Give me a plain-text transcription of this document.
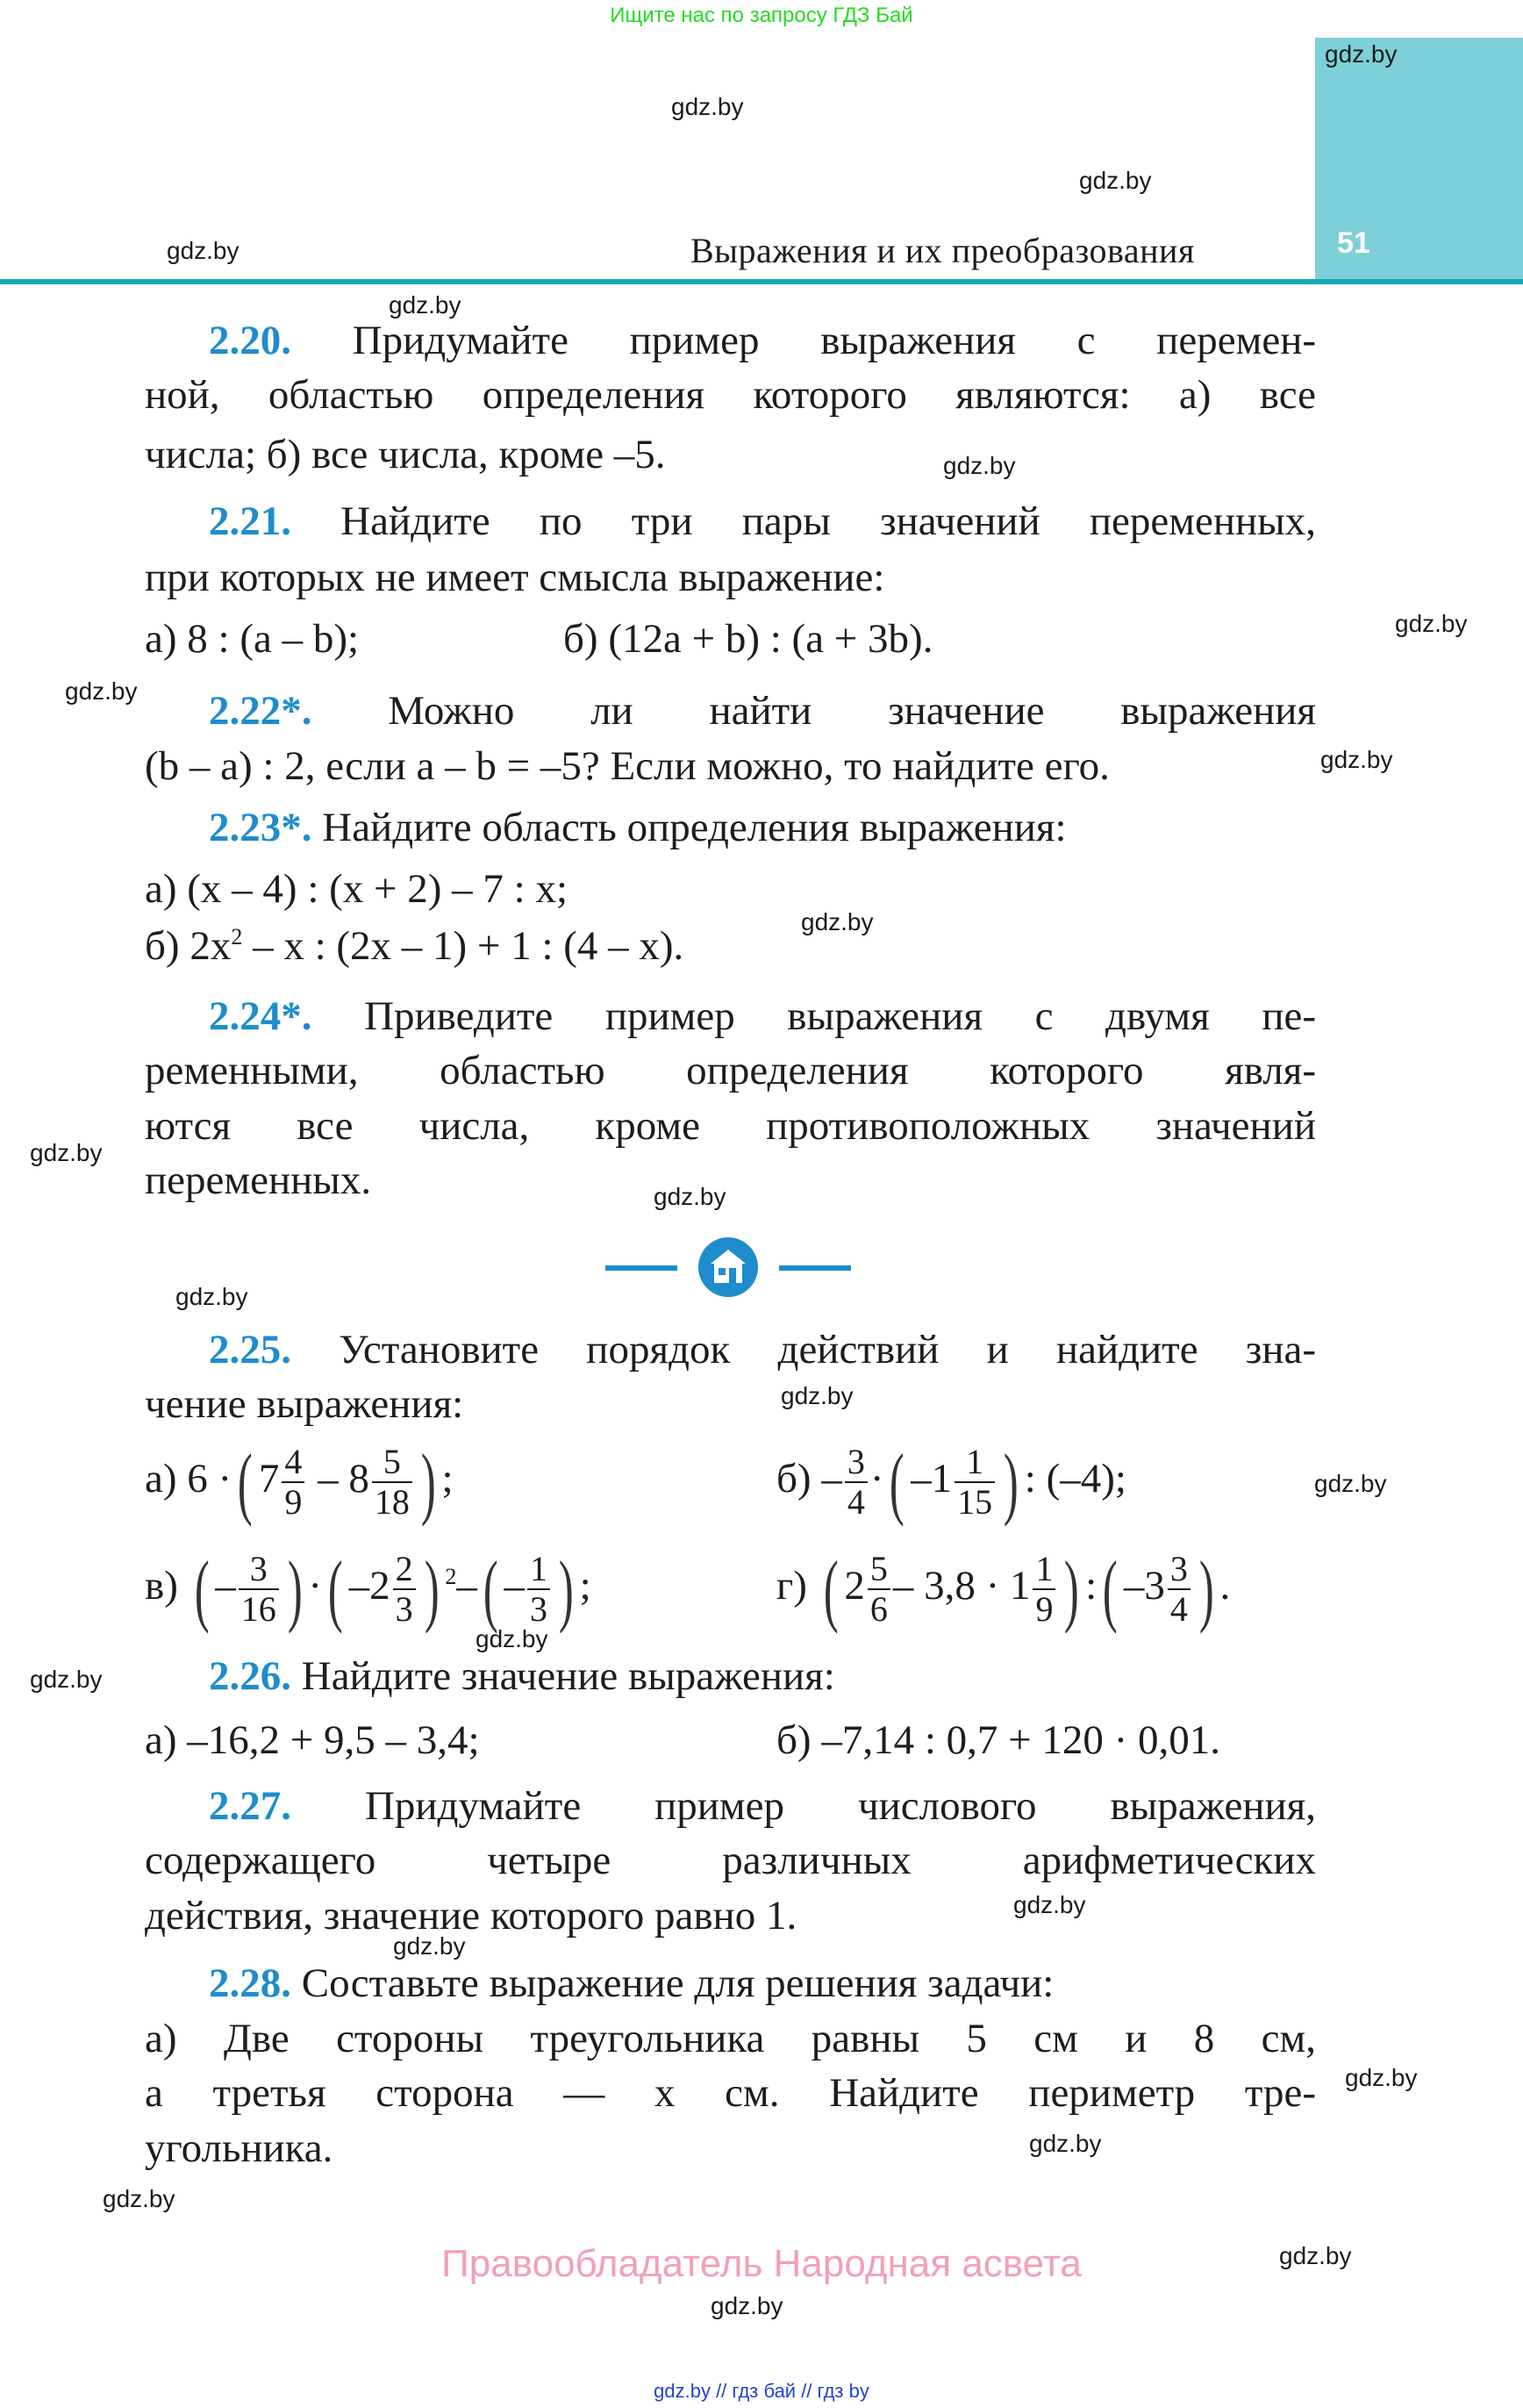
Ищите нас по запросу ГДЗ Бай
Выражения и их преобразования	51
gdz.by
gdz.by
gdz.by
gdz.by
gdz.by
gdz.by
gdz.by
gdz.by
gdz.by
gdz.by
gdz.by
gdz.by
gdz.by
gdz.by
gdz.by
gdz.by
gdz.by
gdz.by
gdz.by
gdz.by
gdz.by
gdz.by
gdz.by
gdz.by
2.20. Придумайте пример выражения с перемен-
ной, областью определения которого являются: а) все
числа; б) все числа, кроме –5.
2.21. Найдите по три пары значений переменных,
при которых не имеет смысла выражение:
а) 8 : (a – b);	б) (12a + b) : (a + 3b).
2.22*. Можно ли найти значение выражения
(b – a) : 2, если a – b = –5? Если можно, то найдите его.
2.23*. Найдите область определения выражения:
а) (x – 4) : (x + 2) – 7 : x;
б) $2x^2$ – x : (2x – 1) + 1 : (4 – x).
2.24*. Приведите пример выражения с двумя пе-
ременными, областью определения которого явля-
ются все числа, кроме противоположных значений
переменных.
2.25. Установите порядок действий и найдите зна-
чение выражения:
а) 6 ·( $7 \frac{4}{9} - 8 \frac{5}{18}$ ) ;	$б) - \frac{3}{4}$ ·( $-1 \frac{1}{15}$ ) : (–4);
в) ( – $\frac{3}{16}$ ) ·( $-2 \frac{2}{3}$ ) $^2-( - \frac{1}{3}$ ) ;	г) ( $2 \frac{5}{6} - 3,8 \cdot 1 \frac{1}{9}$ ) :( $-3 \frac{3}{4}$ ) .
2.26. Найдите значение выражения:
а) –16,2 + 9,5 – 3,4;	б) –7,14 : 0,7 + 120 · 0,01.
2.27. Придумайте пример числового выражения,
содержащего четыре различных арифметических
действия, значение которого равно 1.
2.28. Составьте выражение для решения задачи:
а) Две стороны треугольника равны 5 см и 8 см,
а третья сторона — x см. Найдите периметр тре-
угольника.
Правообладатель Народная асвета
gdz.by // гдз бай // гдз by
